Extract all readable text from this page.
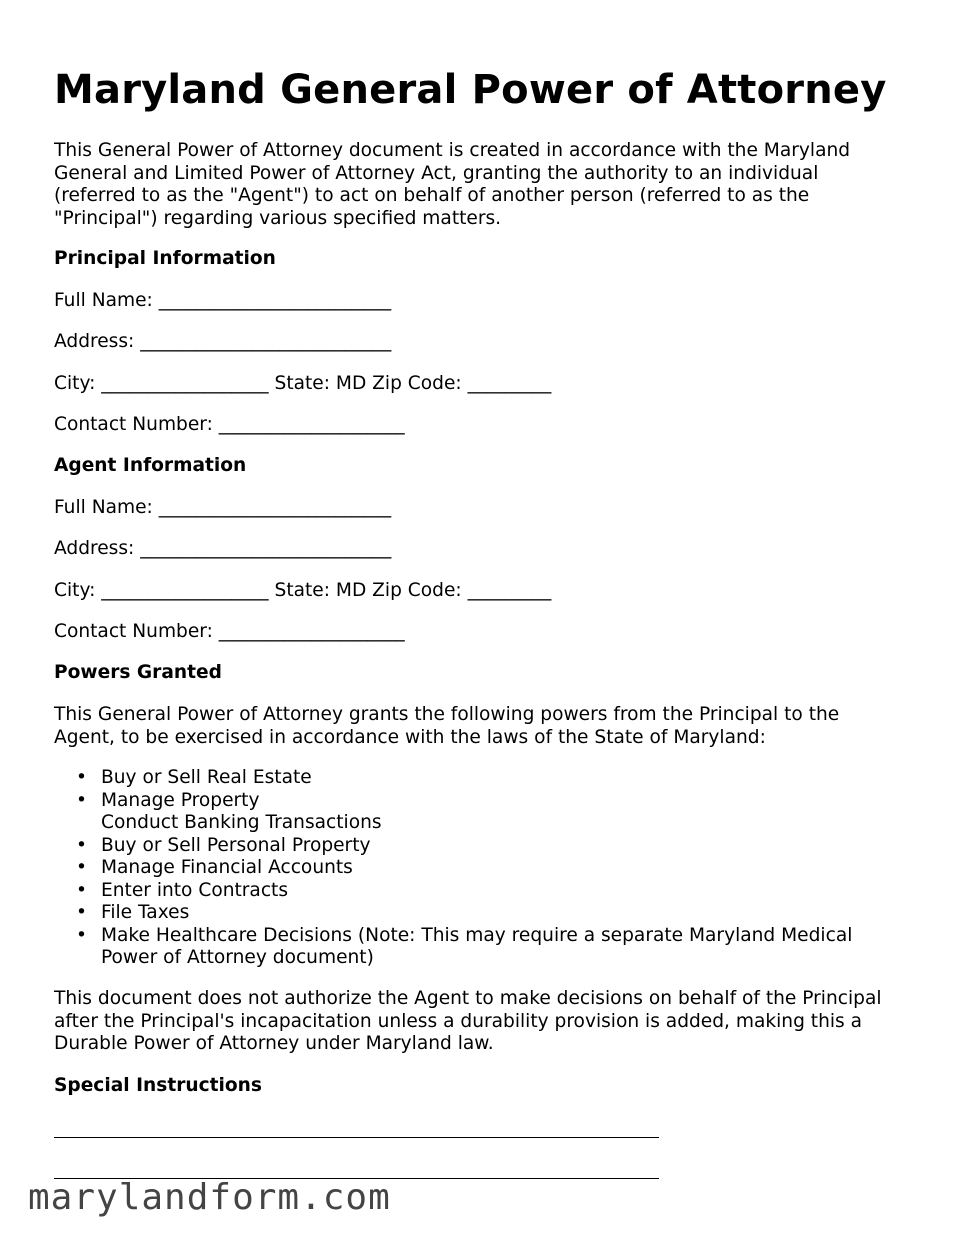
Maryland General Power of Attorney

This General Power of Attorney document is created in accordance with the Maryland

General and Limited Power of Attorney Act, granting the authority to an individual

(referred to as the "Agent") to act on behalf of another person (referred to as the

"Principal") regarding various specified matters.

Principal Information

Full Name: _________________________

Address: ___________________________

City: __________________ State: MD Zip Code: _________

Contact Number: ____________________

Agent Information

Full Name: _________________________

Address: ___________________________

City: __________________ State: MD Zip Code: _________

Contact Number: ____________________

Powers Granted

This General Power of Attorney grants the following powers from the Principal to the

Agent, to be exercised in accordance with the laws of the State of Maryland:

• Buy or Sell Real Estate
• Manage Property
Conduct Banking Transactions
• Buy or Sell Personal Property
• Manage Financial Accounts
• Enter into Contracts
• File Taxes
• Make Healthcare Decisions (Note: This may require a separate Maryland Medical
Power of Attorney document)

This document does not authorize the Agent to make decisions on behalf of the Principal

after the Principal's incapacitation unless a durability provision is added, making this a

Durable Power of Attorney under Maryland law.

Special Instructions

marylandform.com
